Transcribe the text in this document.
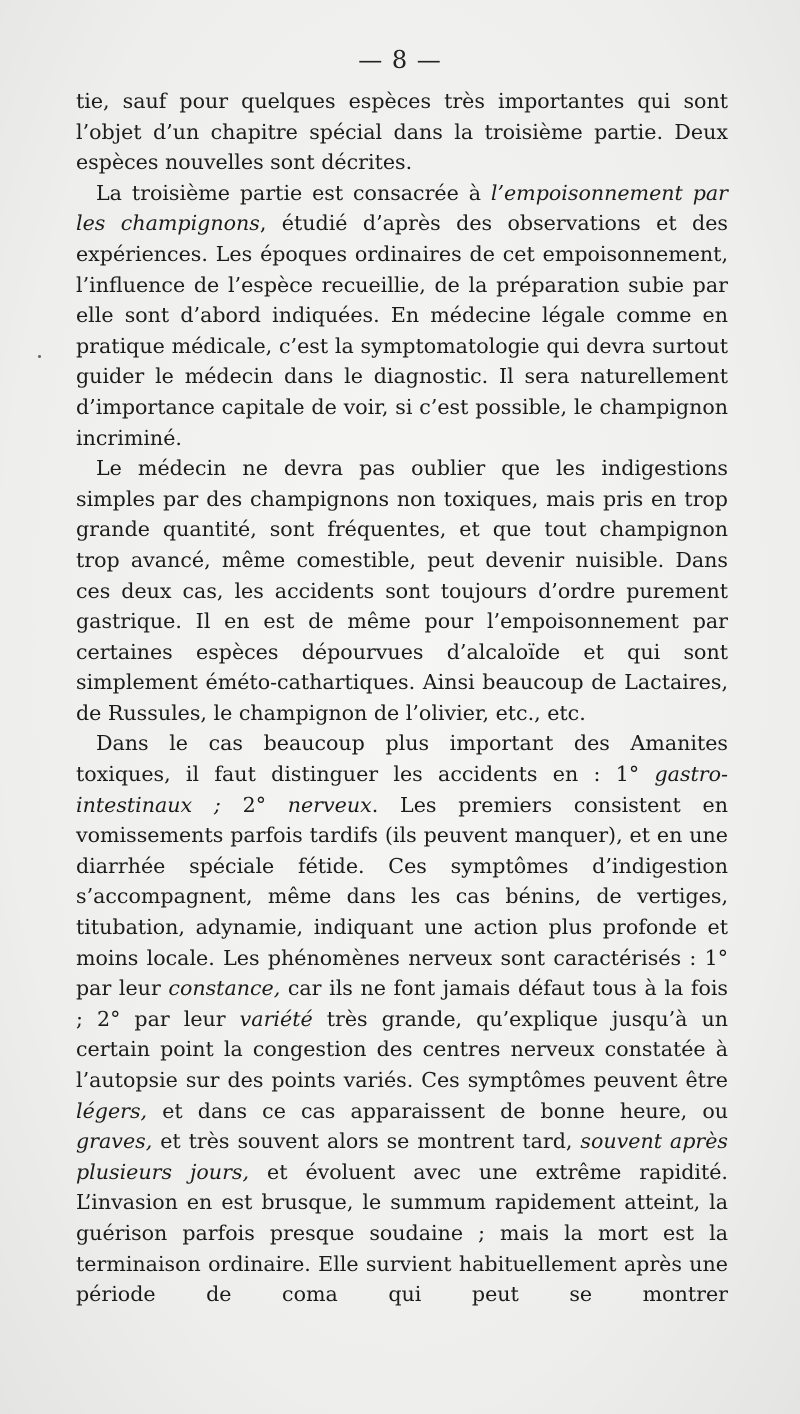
— 8 —

tie, sauf pour quelques espèces très importantes qui sont l’objet d’un chapitre spécial dans la troisième partie. Deux espèces nouvelles sont décrites.

La troisième partie est consacrée à l’empoisonnement par les champignons, étudié d’après des observations et des expériences. Les époques ordinaires de cet empoisonnement, l’influence de l’espèce recueillie, de la préparation subie par elle sont d’abord indiquées. En médecine légale comme en pratique médicale, c’est la symptomatologie qui devra surtout guider le médecin dans le diagnostic. Il sera naturellement d’importance capitale de voir, si c’est possible, le champignon incriminé.

Le médecin ne devra pas oublier que les indigestions simples par des champignons non toxiques, mais pris en trop grande quantité, sont fréquentes, et que tout champignon trop avancé, même comestible, peut devenir nuisible. Dans ces deux cas, les accidents sont toujours d’ordre purement gastrique. Il en est de même pour l’empoisonnement par certaines espèces dépourvues d’alcaloïde et qui sont simplement éméto-cathartiques. Ainsi beaucoup de Lactaires, de Russules, le champignon de l’olivier, etc., etc.

Dans le cas beaucoup plus important des Amanites toxiques, il faut distinguer les accidents en : 1° gastro-intestinaux ; 2° nerveux. Les premiers consistent en vomissements parfois tardifs (ils peuvent manquer), et en une diarrhée spéciale fétide. Ces symptômes d’indigestion s’accompagnent, même dans les cas bénins, de vertiges, titubation, adynamie, indiquant une action plus profonde et moins locale. Les phénomènes nerveux sont caractérisés : 1° par leur constance, car ils ne font jamais défaut tous à la fois ; 2° par leur variété très grande, qu’explique jusqu’à un certain point la congestion des centres nerveux constatée à l’autopsie sur des points variés. Ces symptômes peuvent être légers, et dans ce cas apparaissent de bonne heure, ou graves, et très souvent alors se montrent tard, souvent après plusieurs jours, et évoluent avec une extrême rapidité. L’invasion en est brusque, le summum rapidement atteint, la guérison parfois presque soudaine ; mais la mort est la terminaison ordinaire. Elle survient habituellement après une période de coma qui peut se montrer
